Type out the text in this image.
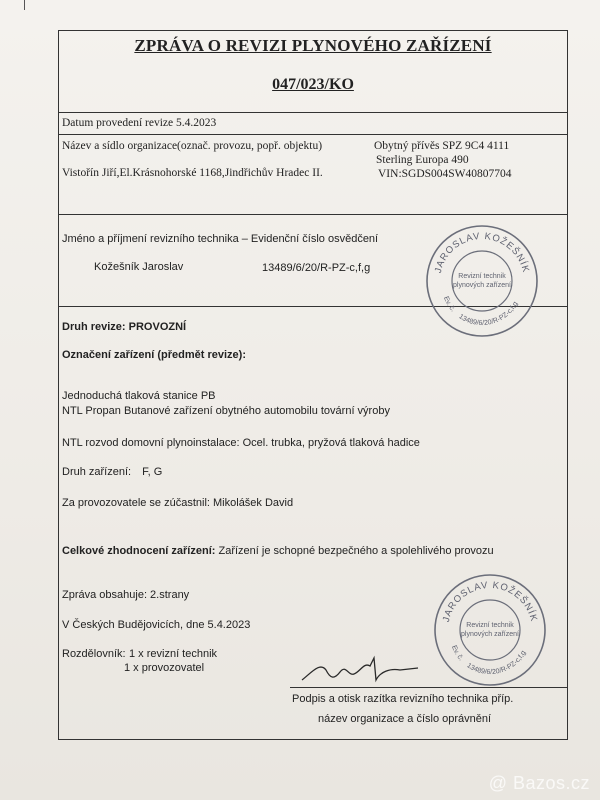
ZPRÁVA O REVIZI PLYNOVÉHO ZAŘÍZENÍ
047/023/KO
Datum provedení revize 5.4.2023
Název a sídlo organizace(označ. provozu, popř. objektu)	Obytný přívěs SPZ 9C4 4111
Sterling Europa 490
Vistořín Jiří,El.Krásnohorské 1168,Jindřichův Hradec II.	VIN:SGDS004SW40807704
Jméno a příjmení revizního technika – Evidenční číslo osvědčení
Kožešník Jaroslav	13489/6/20/R-PZ-c,f,g
Druh revize: PROVOZNÍ
Označení zařízení (předmět revize):
Jednoduchá tlaková stanice PB
NTL Propan Butanové zařízení obytného automobilu tovární výroby
NTL rozvod domovní plynoinstalace: Ocel. trubka, pryžová tlaková hadice
Druh zařízení: F, G
Za provozovatele se zúčastnil: Mikolášek David
Celkové zhodnocení zařízení: Zařízení je schopné bezpečného a spolehlivého provozu
Zpráva obsahuje: 2.strany
V Českých Budějovicích, dne 5.4.2023
Rozdělovník: 1 x revizní technik
1 x provozovatel
Podpis a otisk razítka revizního technika příp.
název organizace a číslo oprávnění
JAROSLAV KOŽEŠNÍK
Revizní technik
plynových zařízení
Ev. č.
13489/6/20/R-PZ-c,f,g
JAROSLAV KOŽEŠNÍK
Revizní technik
plynových zařízení
Ev. č.
13489/6/20/R-PZ-c,f,g
@ Bazos.cz
